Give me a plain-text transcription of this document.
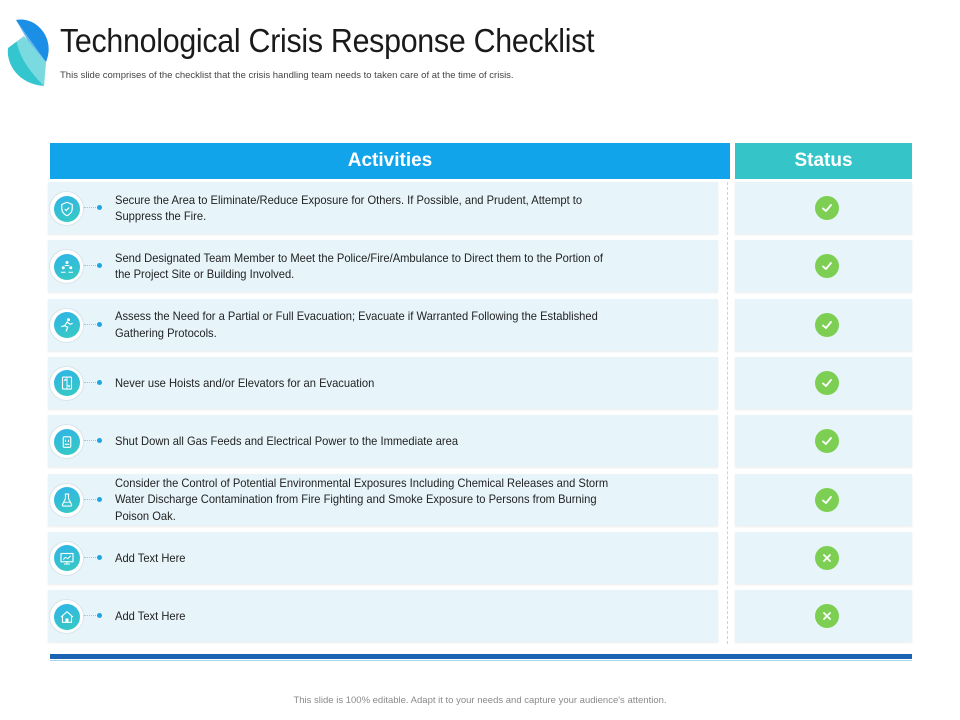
Technological Crisis Response Checklist

This slide comprises of the checklist that the crisis handling team needs to taken care of at the time of crisis.

Activities	Status
Secure the Area to Eliminate/Reduce Exposure for Others. If Possible, and Prudent, Attempt to Suppress the Fire.
Send Designated Team Member to Meet the Police/Fire/Ambulance to Direct them to the Portion of the Project Site or Building Involved.
Assess the Need for a Partial or Full Evacuation; Evacuate if Warranted Following the Established Gathering Protocols.
Never use Hoists and/or Elevators for an Evacuation
Shut Down all Gas Feeds and Electrical Power to the Immediate area
Consider the Control of Potential Environmental Exposures Including Chemical Releases and Storm Water Discharge Contamination from Fire Fighting and Smoke Exposure to Persons from Burning Poison Oak.
Add Text Here
Add Text Here
This slide is 100% editable. Adapt it to your needs and capture your audience's attention.
